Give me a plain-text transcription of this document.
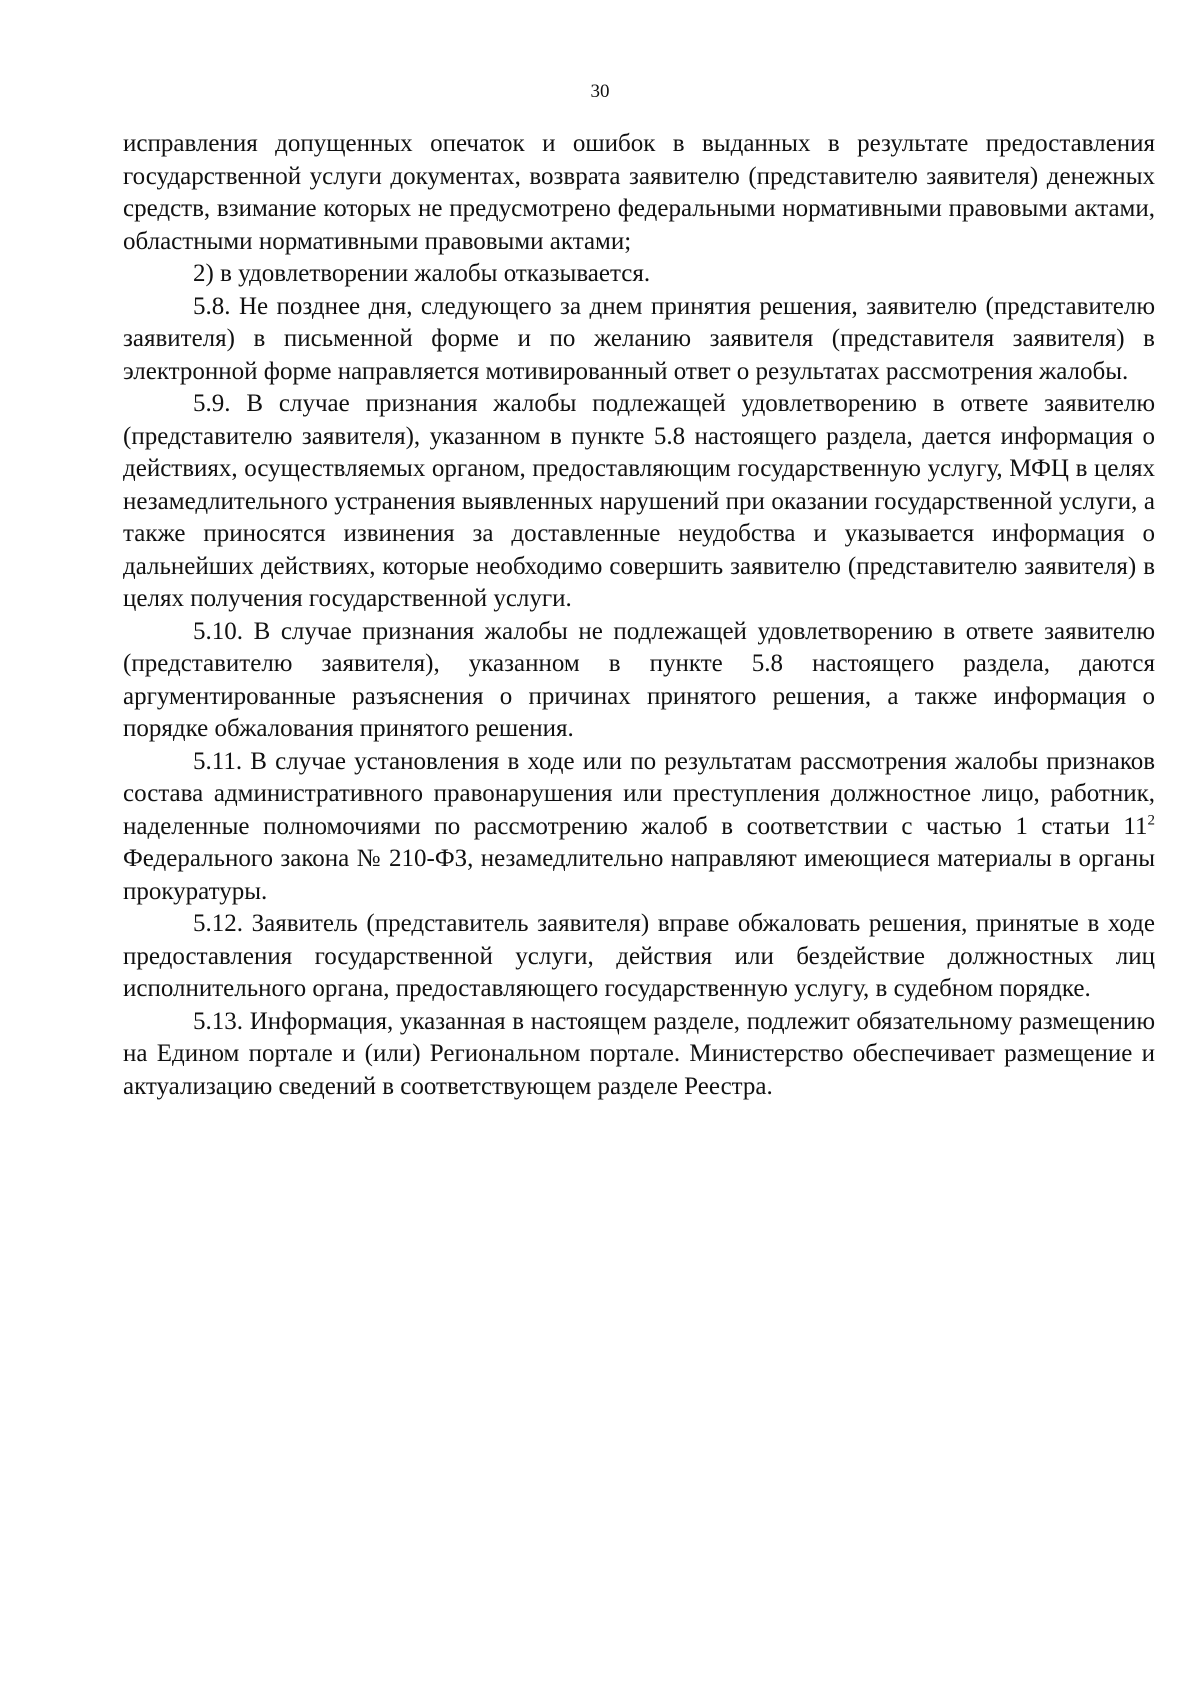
30

исправления допущенных опечаток и ошибок в выданных в результате предоставления государственной услуги документах, возврата заявителю (представителю заявителя) денежных средств, взимание которых не предусмотрено федеральными нормативными правовыми актами, областными нормативными правовыми актами;

2) в удовлетворении жалобы отказывается.

5.8. Не позднее дня, следующего за днем принятия решения, заявителю (представителю заявителя) в письменной форме и по желанию заявителя (представителя заявителя) в электронной форме направляется мотивированный ответ о результатах рассмотрения жалобы.

5.9. В случае признания жалобы подлежащей удовлетворению в ответе заявителю (представителю заявителя), указанном в пункте 5.8 настоящего раздела, дается информация о действиях, осуществляемых органом, предоставляющим государственную услугу, МФЦ в целях незамедлительного устранения выявленных нарушений при оказании государственной услуги, а также приносятся извинения за доставленные неудобства и указывается информация о дальнейших действиях, которые необходимо совершить заявителю (представителю заявителя) в целях получения государственной услуги.

5.10. В случае признания жалобы не подлежащей удовлетворению в ответе заявителю (представителю заявителя), указанном в пункте 5.8 настоящего раздела, даются аргументированные разъяснения о причинах принятого решения, а также информация о порядке обжалования принятого решения.

5.11. В случае установления в ходе или по результатам рассмотрения жалобы признаков состава административного правонарушения или преступления должностное лицо, работник, наделенные полномочиями по рассмотрению жалоб в соответствии с частью 1 статьи $11^2$ Федерального закона № 210-ФЗ, незамедлительно направляют имеющиеся материалы в органы прокуратуры.

5.12. Заявитель (представитель заявителя) вправе обжаловать решения, принятые в ходе предоставления государственной услуги, действия или бездействие должностных лиц исполнительного органа, предоставляющего государственную услугу, в судебном порядке.

5.13. Информация, указанная в настоящем разделе, подлежит обязательному размещению на Едином портале и (или) Региональном портале. Министерство обеспечивает размещение и актуализацию сведений в соответствующем разделе Реестра.
